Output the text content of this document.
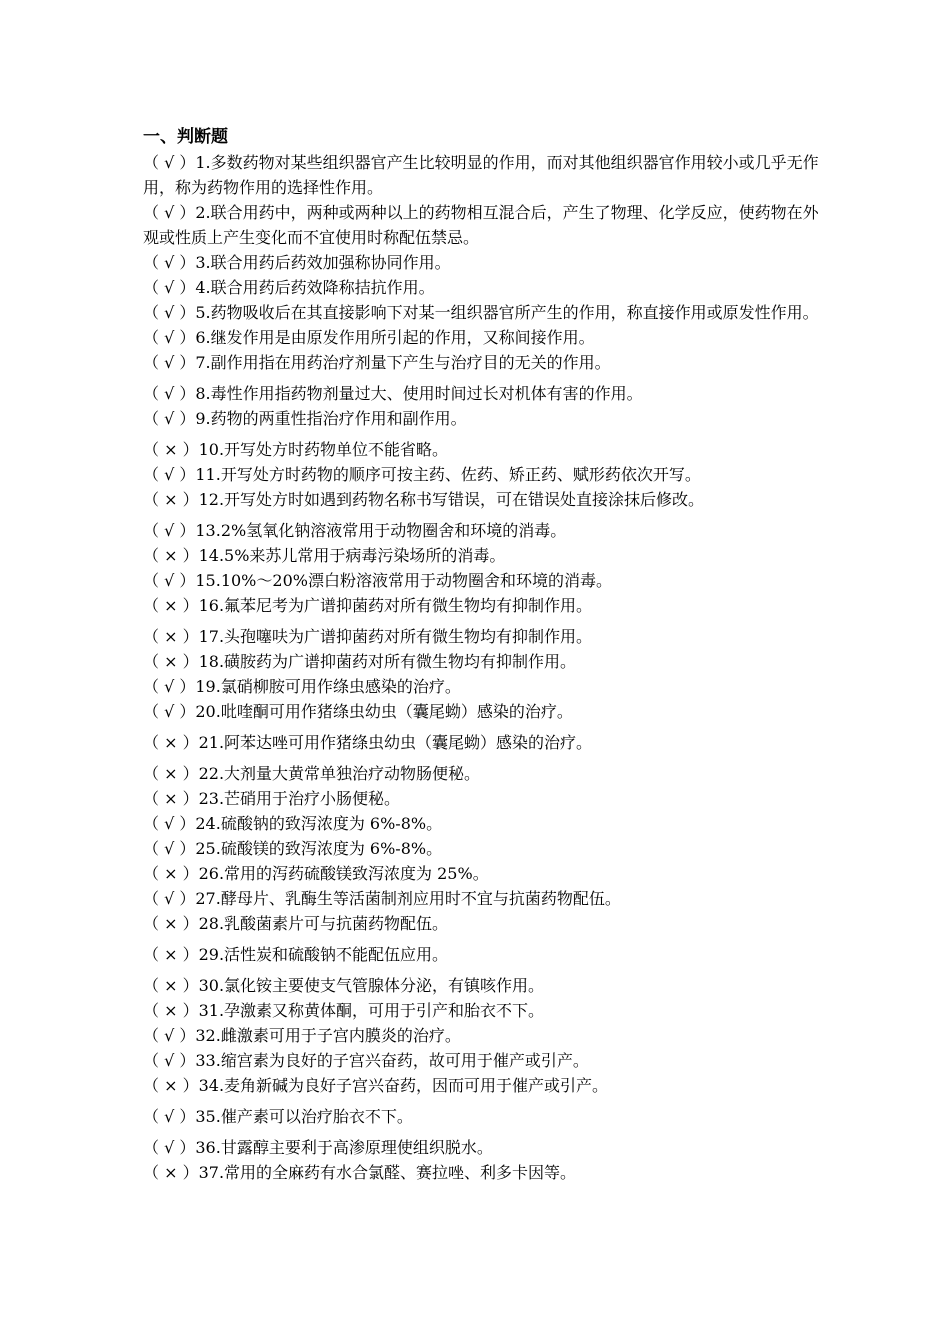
一、判断题
（ √ ）1.多数药物对某些组织器官产生比较明显的作用，而对其他组织器官作用较小或几乎无作用，称为药物作用的选择性作用。
（ √ ）2.联合用药中，两种或两种以上的药物相互混合后，产生了物理、化学反应，使药物在外观或性质上产生变化而不宜使用时称配伍禁忌。
（ √ ）3.联合用药后药效加强称协同作用。
（ √ ）4.联合用药后药效降称拮抗作用。
（ √ ）5.药物吸收后在其直接影响下对某一组织器官所产生的作用，称直接作用或原发性作用。
（ √ ）6.继发作用是由原发作用所引起的作用，又称间接作用。
（ √ ）7.副作用指在用药治疗剂量下产生与治疗目的无关的作用。
（ √ ）8.毒性作用指药物剂量过大、使用时间过长对机体有害的作用。
（ √ ）9.药物的两重性指治疗作用和副作用。
（ × ）10.开写处方时药物单位不能省略。
（ √ ）11.开写处方时药物的顺序可按主药、佐药、矫正药、赋形药依次开写。
（ × ）12.开写处方时如遇到药物名称书写错误，可在错误处直接涂抹后修改。
（ √ ）13.2%氢氧化钠溶液常用于动物圈舍和环境的消毒。
（ × ）14.5%来苏儿常用于病毒污染场所的消毒。
（ √ ）15.10%～20%漂白粉溶液常用于动物圈舍和环境的消毒。
（ × ）16.氟苯尼考为广谱抑菌药对所有微生物均有抑制作用。
（ × ）17.头孢噻呋为广谱抑菌药对所有微生物均有抑制作用。
（ × ）18.磺胺药为广谱抑菌药对所有微生物均有抑制作用。
（ √ ）19.氯硝柳胺可用作绦虫感染的治疗。
（ √ ）20.吡喹酮可用作猪绦虫幼虫（囊尾蚴）感染的治疗。
（ × ）21.阿苯达唑可用作猪绦虫幼虫（囊尾蚴）感染的治疗。
（ × ）22.大剂量大黄常单独治疗动物肠便秘。
（ × ）23.芒硝用于治疗小肠便秘。
（ √ ）24.硫酸钠的致泻浓度为 6%-8%。
（ √ ）25.硫酸镁的致泻浓度为 6%-8%。
（ × ）26.常用的泻药硫酸镁致泻浓度为 25%。
（ √ ）27.酵母片、乳酶生等活菌制剂应用时不宜与抗菌药物配伍。
（ × ）28.乳酸菌素片可与抗菌药物配伍。
（ × ）29.活性炭和硫酸钠不能配伍应用。
（ × ）30.氯化铵主要使支气管腺体分泌，有镇咳作用。
（ × ）31.孕激素又称黄体酮，可用于引产和胎衣不下。
（ √ ）32.雌激素可用于子宫内膜炎的治疗。
（ √ ）33.缩宫素为良好的子宫兴奋药，故可用于催产或引产。
（ × ）34.麦角新碱为良好子宫兴奋药，因而可用于催产或引产。
（ √ ）35.催产素可以治疗胎衣不下。
（ √ ）36.甘露醇主要利于高渗原理使组织脱水。
（ × ）37.常用的全麻药有水合氯醛、赛拉唑、利多卡因等。
